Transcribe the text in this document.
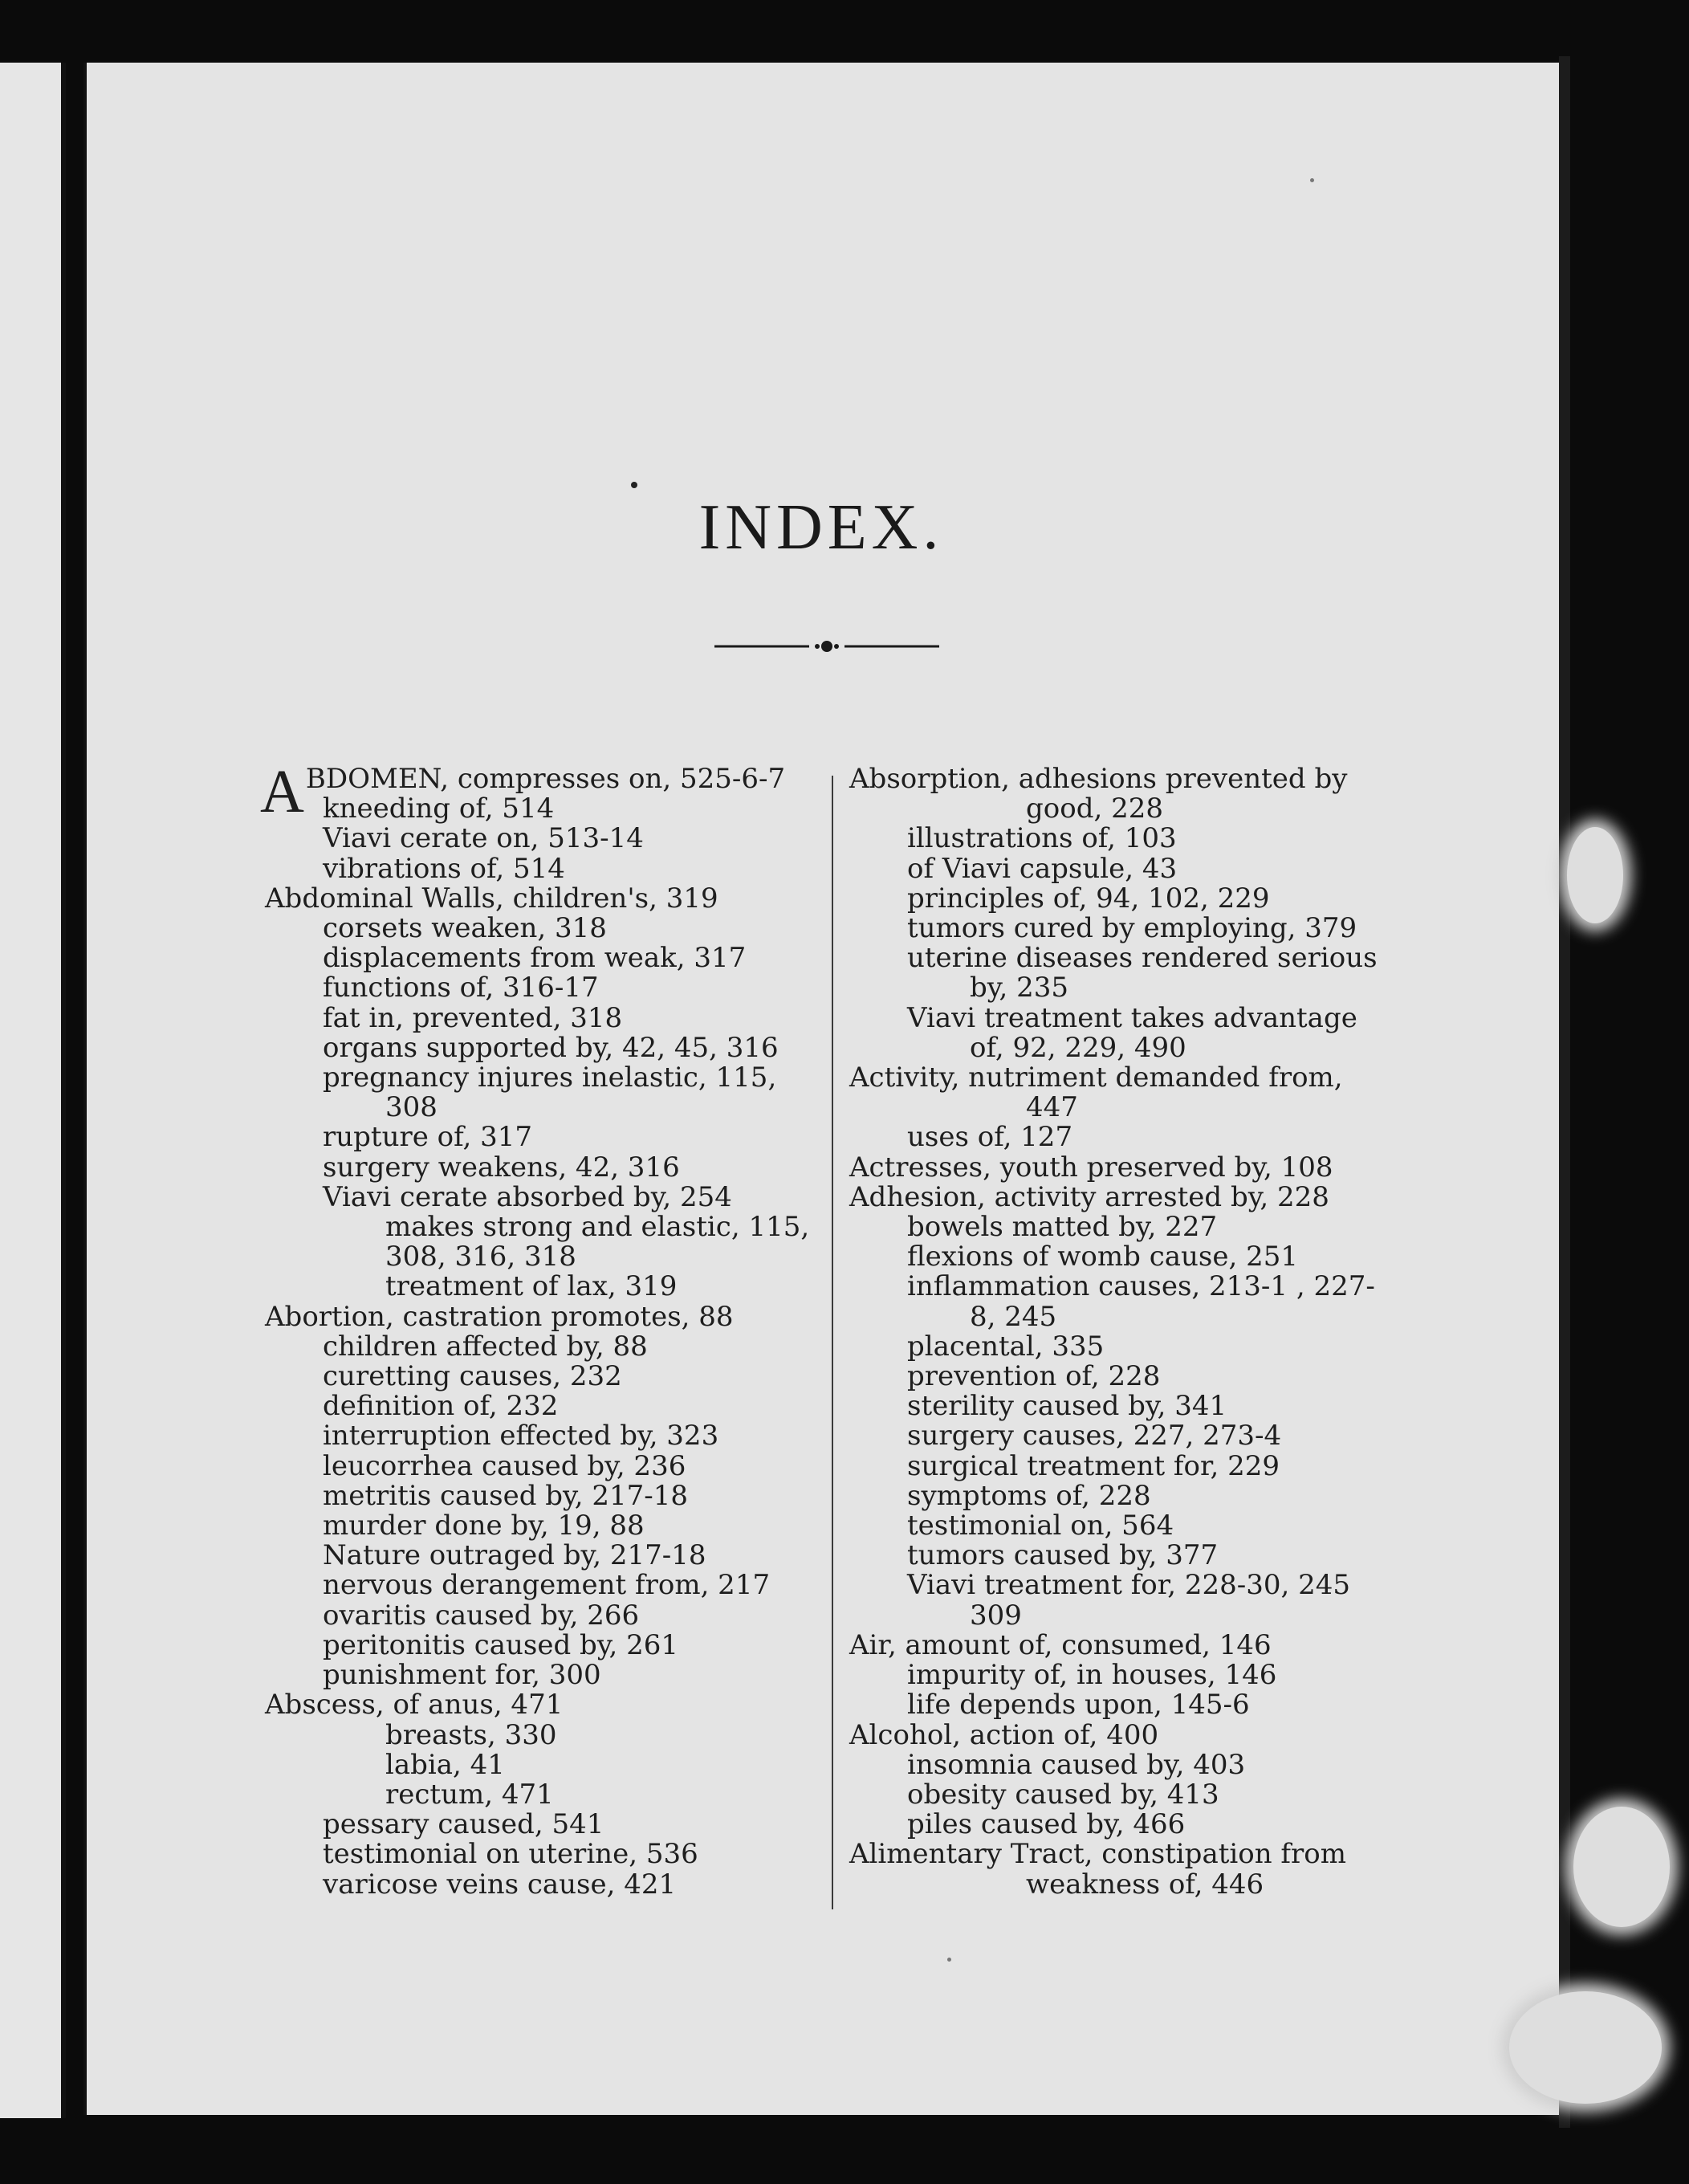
INDEX.
ABDOMEN, compresses on, 525-6-7
kneeding of, 514
Viavi cerate on, 513-14
vibrations of, 514
Abdominal Walls, children's, 319
corsets weaken, 318
displacements from weak, 317
functions of, 316-17
fat in, prevented, 318
organs supported by, 42, 45, 316
pregnancy injures inelastic, 115,
308
rupture of, 317
surgery weakens, 42, 316
Viavi cerate absorbed by, 254
makes strong and elastic, 115,
308, 316, 318
treatment of lax, 319
Abortion, castration promotes, 88
children affected by, 88
curetting causes, 232
definition of, 232
interruption effected by, 323
leucorrhea caused by, 236
metritis caused by, 217-18
murder done by, 19, 88
Nature outraged by, 217-18
nervous derangement from, 217
ovaritis caused by, 266
peritonitis caused by, 261
punishment for, 300
Abscess, of anus, 471
breasts, 330
labia, 41
rectum, 471
pessary caused, 541
testimonial on uterine, 536
varicose veins cause, 421
Absorption, adhesions prevented by
good, 228
illustrations of, 103
of Viavi capsule, 43
principles of, 94, 102, 229
tumors cured by employing, 379
uterine diseases rendered serious
by, 235
Viavi treatment takes advantage
of, 92, 229, 490
Activity, nutriment demanded from,
447
uses of, 127
Actresses, youth preserved by, 108
Adhesion, activity arrested by, 228
bowels matted by, 227
flexions of womb cause, 251
inflammation causes, 213-1 , 227-
8, 245
placental, 335
prevention of, 228
sterility caused by, 341
surgery causes, 227, 273-4
surgical treatment for, 229
symptoms of, 228
testimonial on, 564
tumors caused by, 377
Viavi treatment for, 228-30, 245
309
Air, amount of, consumed, 146
impurity of, in houses, 146
life depends upon, 145-6
Alcohol, action of, 400
insomnia caused by, 403
obesity caused by, 413
piles caused by, 466
Alimentary Tract, constipation from
weakness of, 446
